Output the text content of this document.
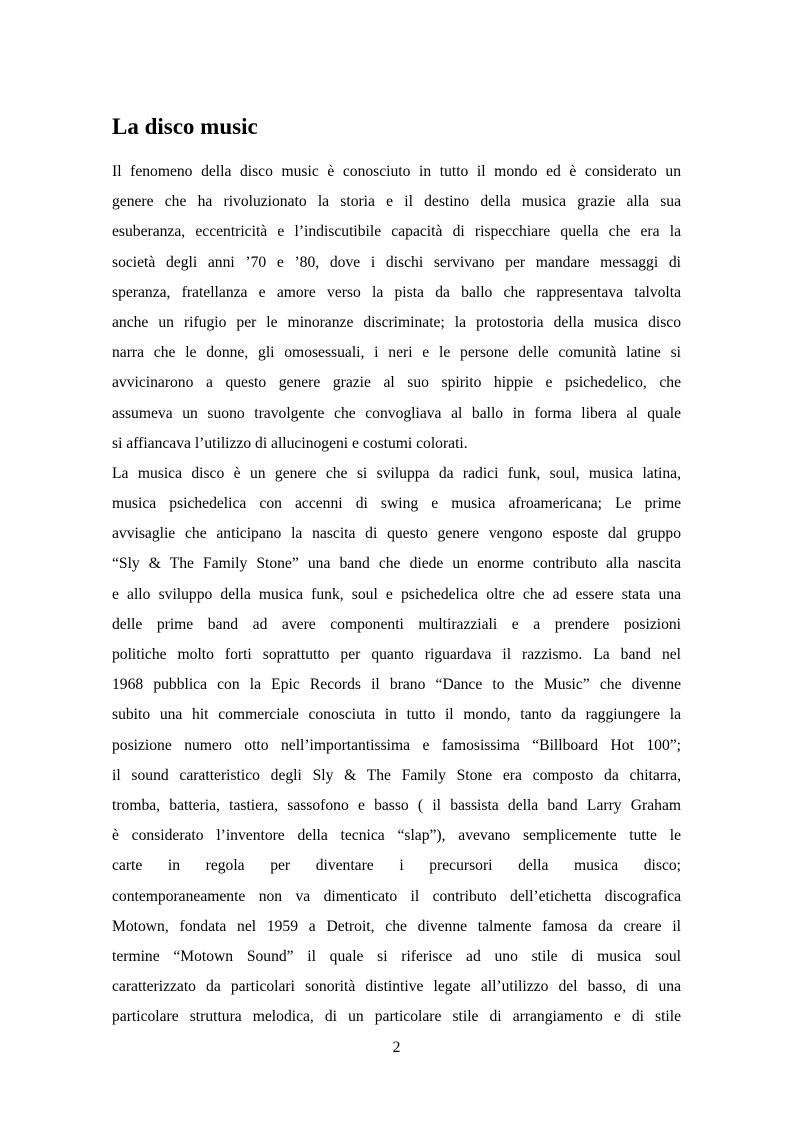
La disco music
Il fenomeno della disco music è conosciuto in tutto il mondo ed è considerato un
genere che ha rivoluzionato la storia e il destino della musica grazie alla sua
esuberanza, eccentricità e l’indiscutibile capacità di rispecchiare quella che era la
società degli anni ’70 e ’80, dove i dischi servivano per mandare messaggi di
speranza, fratellanza e amore verso la pista da ballo che rappresentava talvolta
anche un rifugio per le minoranze discriminate; la protostoria della musica disco
narra che le donne, gli omosessuali, i neri e le persone delle comunità latine si
avvicinarono a questo genere grazie al suo spirito hippie e psichedelico, che
assumeva un suono travolgente che convogliava al ballo in forma libera al quale
si affiancava l’utilizzo di allucinogeni e costumi colorati.
La musica disco è un genere che si sviluppa da radici funk, soul, musica latina,
musica psichedelica con accenni di swing e musica afroamericana; Le prime
avvisaglie che anticipano la nascita di questo genere vengono esposte dal gruppo
“Sly & The Family Stone” una band che diede un enorme contributo alla nascita
e allo sviluppo della musica funk, soul e psichedelica oltre che ad essere stata una
delle prime band ad avere componenti multirazziali e a prendere posizioni
politiche molto forti soprattutto per quanto riguardava il razzismo. La band nel
1968 pubblica con la Epic Records il brano “Dance to the Music” che divenne
subito una hit commerciale conosciuta in tutto il mondo, tanto da raggiungere la
posizione numero otto nell’importantissima e famosissima “Billboard Hot 100”;
il sound caratteristico degli Sly & The Family Stone era composto da chitarra,
tromba, batteria, tastiera, sassofono e basso ( il bassista della band Larry Graham
è considerato l’inventore della tecnica “slap”), avevano semplicemente tutte le
carte in regola per diventare i precursori della musica disco;
contemporaneamente non va dimenticato il contributo dell’etichetta discografica
Motown, fondata nel 1959 a Detroit, che divenne talmente famosa da creare il
termine “Motown Sound” il quale si riferisce ad uno stile di musica soul
caratterizzato da particolari sonorità distintive legate all’utilizzo del basso, di una
particolare struttura melodica, di un particolare stile di arrangiamento e di stile
2
